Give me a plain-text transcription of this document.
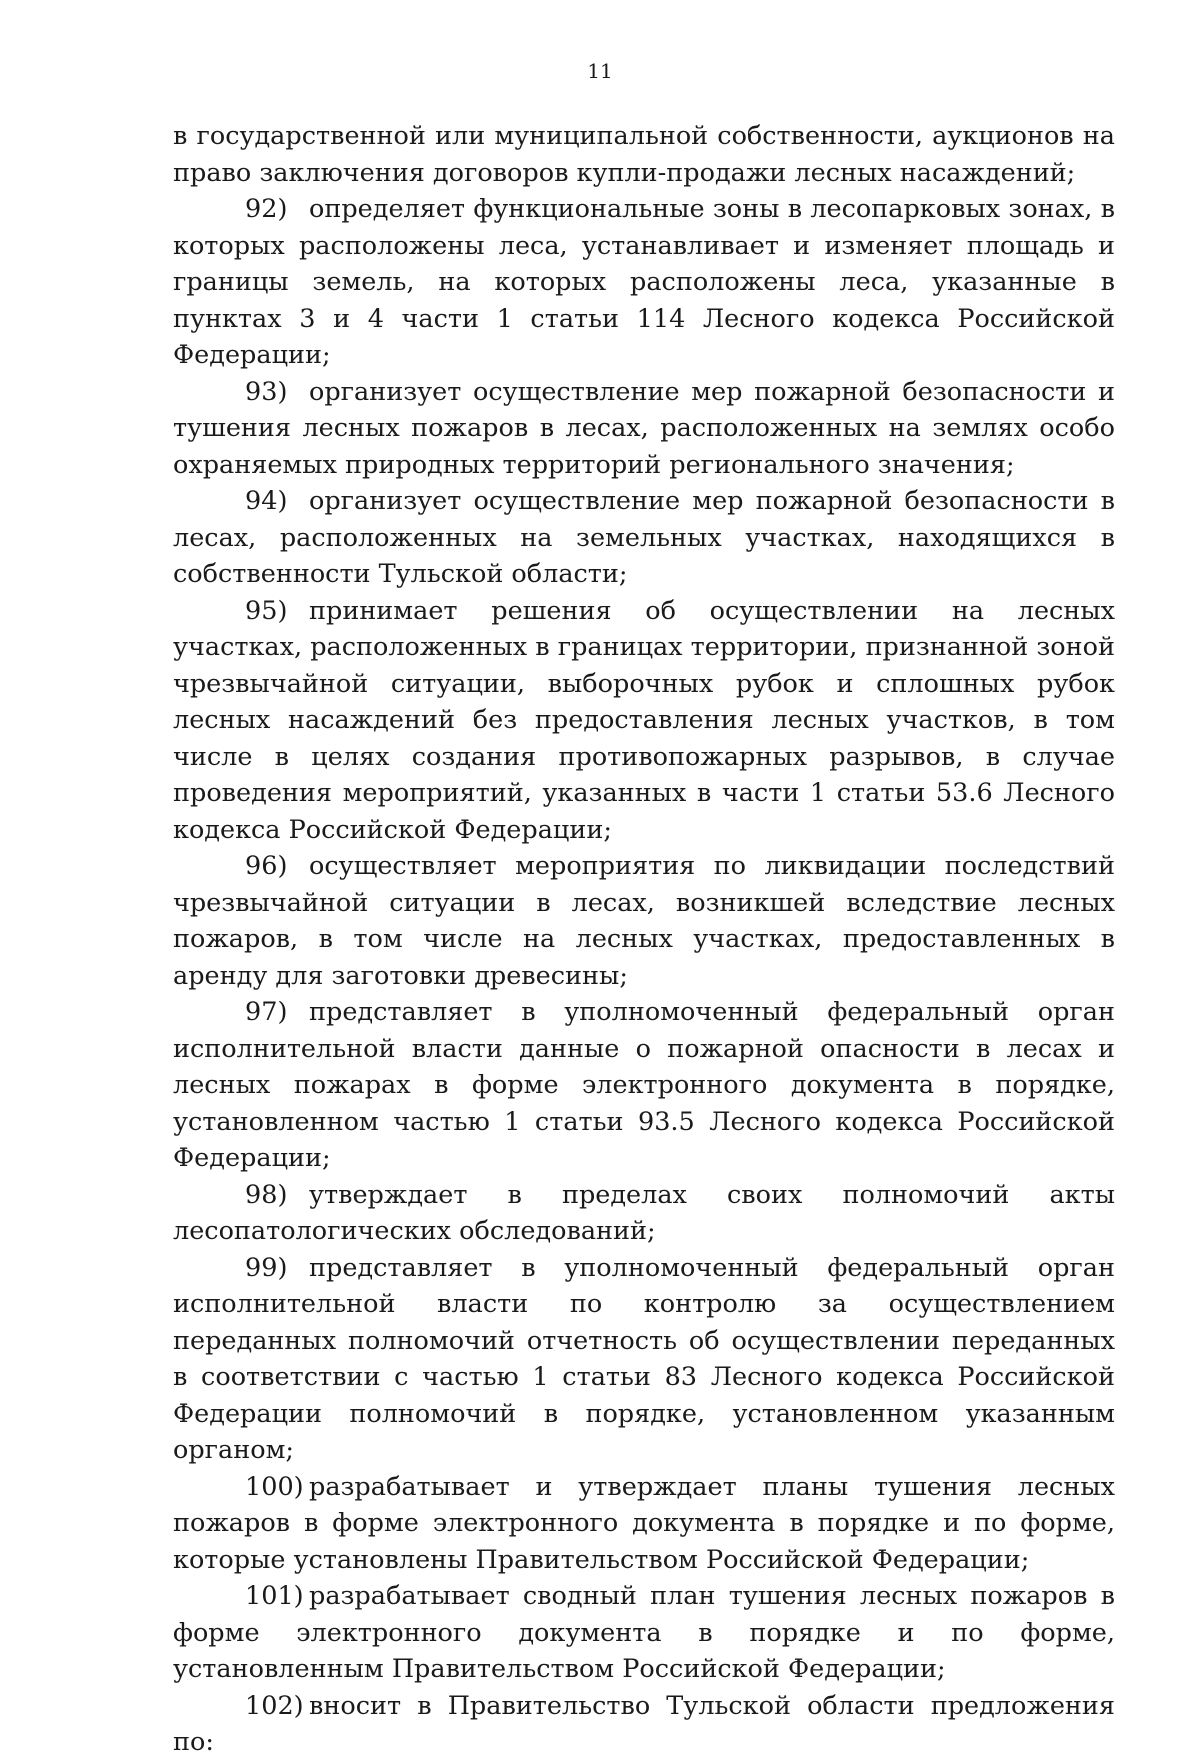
11

в государственной или муниципальной собственности, аукционов на право заключения договоров купли-продажи лесных насаждений;

92) определяет функциональные зоны в лесопарковых зонах, в которых расположены леса, устанавливает и изменяет площадь и границы земель, на которых расположены леса, указанные в пунктах 3 и 4 части 1 статьи 114 Лесного кодекса Российской Федерации;

93) организует осуществление мер пожарной безопасности и тушения лесных пожаров в лесах, расположенных на землях особо охраняемых природных территорий регионального значения;

94) организует осуществление мер пожарной безопасности в лесах, расположенных на земельных участках, находящихся в собственности Тульской области;

95) принимает решения об осуществлении на лесных участках, расположенных в границах территории, признанной зоной чрезвычайной ситуации, выборочных рубок и сплошных рубок лесных насаждений без предоставления лесных участков, в том числе в целях создания противопожарных разрывов, в случае проведения мероприятий, указанных в части 1 статьи 53.6 Лесного кодекса Российской Федерации;

96) осуществляет мероприятия по ликвидации последствий чрезвычайной ситуации в лесах, возникшей вследствие лесных пожаров, в том числе на лесных участках, предоставленных в аренду для заготовки древесины;

97) представляет в уполномоченный федеральный орган исполнительной власти данные о пожарной опасности в лесах и лесных пожарах в форме электронного документа в порядке, установленном частью 1 статьи 93.5 Лесного кодекса Российской Федерации;

98) утверждает в пределах своих полномочий акты лесопатологических обследований;

99) представляет в уполномоченный федеральный орган исполнительной власти по контролю за осуществлением переданных полномочий отчетность об осуществлении переданных в соответствии с частью 1 статьи 83 Лесного кодекса Российской Федерации полномочий в порядке, установленном указанным органом;

100) разрабатывает и утверждает планы тушения лесных пожаров в форме электронного документа в порядке и по форме, которые установлены Правительством Российской Федерации;

101) разрабатывает сводный план тушения лесных пожаров в форме электронного документа в порядке и по форме, установленным Правительством Российской Федерации;

102) вносит в Правительство Тульской области предложения по:
